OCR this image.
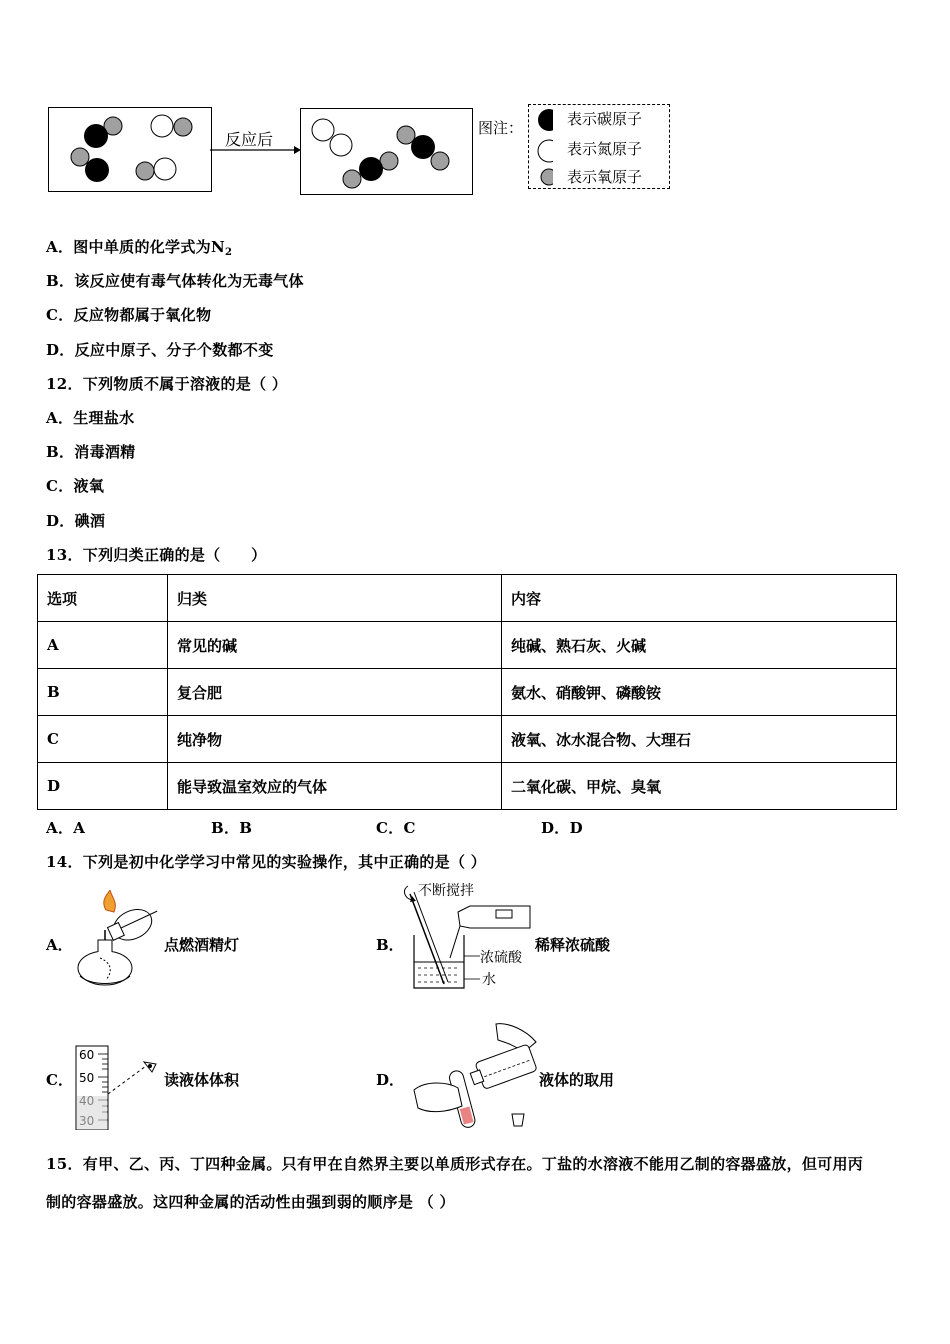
反应后
图注：	表示碳原子
表示氮原子
表示氧原子
A．图中单质的化学式为$N_2$
B．该反应使有毒气体转化为无毒气体
C．反应物都属于氧化物
D．反应中原子、分子个数都不变
12．下列物质不属于溶液的是（ ）
A．生理盐水
B．消毒酒精
C．液氧
D．碘酒
13．下列归类正确的是（　　）
选项	归类	内容
A	常见的碱	纯碱、熟石灰、火碱
B	复合肥	氨水、硝酸钾、磷酸铵
C	纯净物	液氧、冰水混合物、大理石
D	能导致温室效应的气体	二氧化碳、甲烷、臭氧
A．A	B．B	C．C	D．D
14．下列是初中化学学习中常见的实验操作，其中正确的是（ ）
A．	点燃酒精灯	B．
不断搅拌
浓硫酸
水
稀释浓硫酸
C．
60
50	读液体体积	D．	液体的取用
15．有甲、乙、丙、丁四种金属。只有甲在自然界主要以单质形式存在。丁盐的水溶液不能用乙制的容器盛放，但可用丙
制的容器盛放。这四种金属的活动性由强到弱的顺序是 （ ）
